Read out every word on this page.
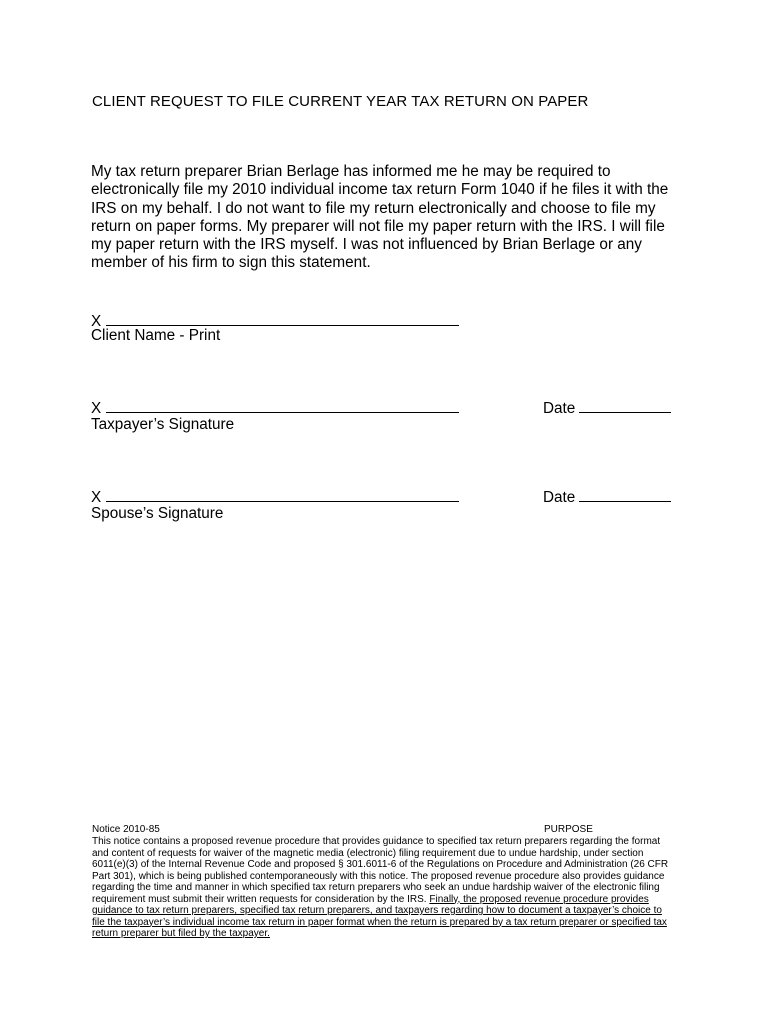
CLIENT REQUEST TO FILE CURRENT YEAR TAX RETURN ON PAPER
My tax return preparer Brian Berlage has informed me he may be required to electronically file my 2010 individual income tax return Form 1040 if he files it with the IRS on my behalf. I do not want to file my return electronically and choose to file my return on paper forms. My preparer will not file my paper return with the IRS. I will file my paper return with the IRS myself. I was not influenced by Brian Berlage or any member of his firm to sign this statement.
X
Client Name - Print
X
Taxpayer’s Signature
Date
X
Spouse’s Signature
Date
Notice 2010-85	PURPOSE
This notice contains a proposed revenue procedure that provides guidance to specified tax return preparers regarding the format and content of requests for waiver of the magnetic media (electronic) filing requirement due to undue hardship, under section 6011(e)(3) of the Internal Revenue Code and proposed § 301.6011-6 of the Regulations on Procedure and Administration (26 CFR Part 301), which is being published contemporaneously with this notice. The proposed revenue procedure also provides guidance regarding the time and manner in which specified tax return preparers who seek an undue hardship waiver of the electronic filing requirement must submit their written requests for consideration by the IRS. Finally, the proposed revenue procedure provides guidance to tax return preparers, specified tax return preparers, and taxpayers regarding how to document a taxpayer’s choice to file the taxpayer’s individual income tax return in paper format when the return is prepared by a tax return preparer or specified tax return preparer but filed by the taxpayer.
